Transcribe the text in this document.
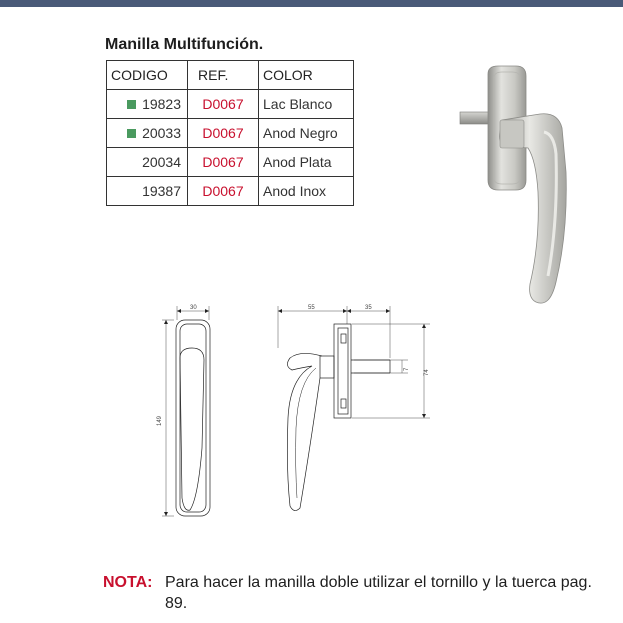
Manilla Multifunción.
CODIGO	REF.	COLOR
19823	D0067	Lac Blanco
20033	D0067	Anod Negro
20034	D0067	Anod Plata
19387	D0067	Anod Inox
30
149
55	35
7 74
NOTA: Para hacer la manilla doble utilizar el tornillo y la tuerca pag. 89.
